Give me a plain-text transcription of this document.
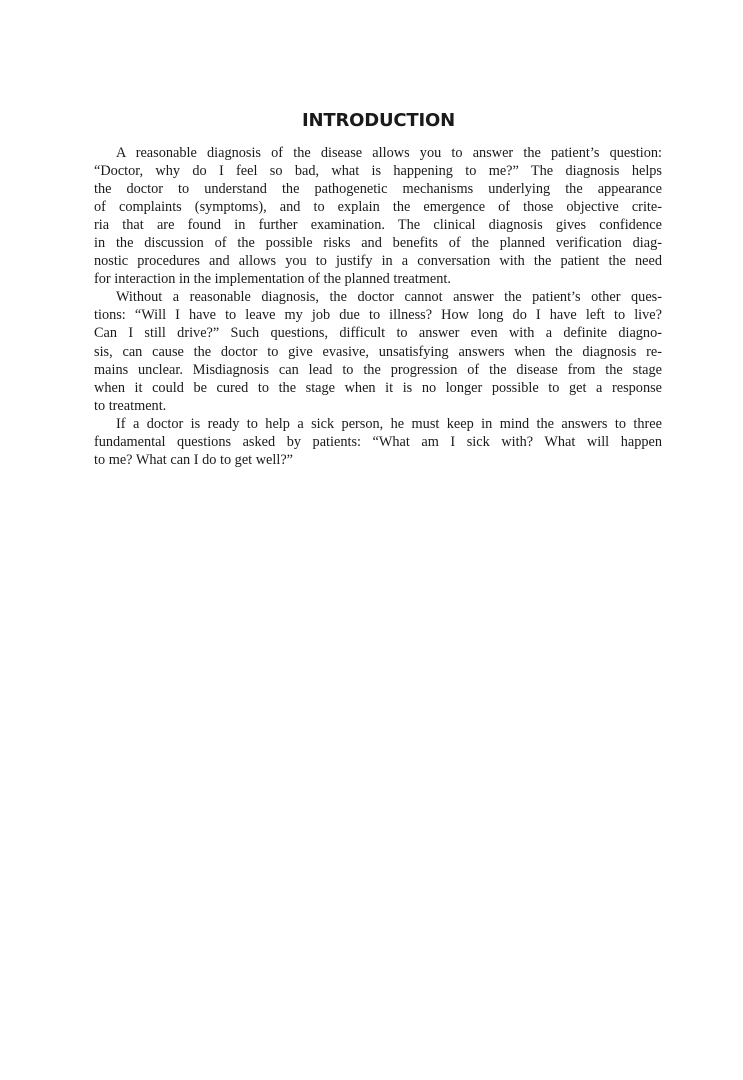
INTRODUCTION
A reasonable diagnosis of the disease allows you to answer the patient’s question:
“Doctor, why do I feel so bad, what is happening to me?” The diagnosis helps
the doctor to understand the pathogenetic mechanisms underlying the appearance
of complaints (symptoms), and to explain the emergence of those objective crite-
ria that are found in further examination. The clinical diagnosis gives confidence
in the discussion of the possible risks and benefits of the planned verification diag-
nostic procedures and allows you to justify in a conversation with the patient the need
for interaction in the implementation of the planned treatment.
Without a reasonable diagnosis, the doctor cannot answer the patient’s other ques-
tions: “Will I have to leave my job due to illness? How long do I have left to live?
Can I still drive?” Such questions, difficult to answer even with a definite diagno-
sis, can cause the doctor to give evasive, unsatisfying answers when the diagnosis re-
mains unclear. Misdiagnosis can lead to the progression of the disease from the stage
when it could be cured to the stage when it is no longer possible to get a response
to treatment.
If a doctor is ready to help a sick person, he must keep in mind the answers to three
fundamental questions asked by patients: “What am I sick with? What will happen
to me? What can I do to get well?”
